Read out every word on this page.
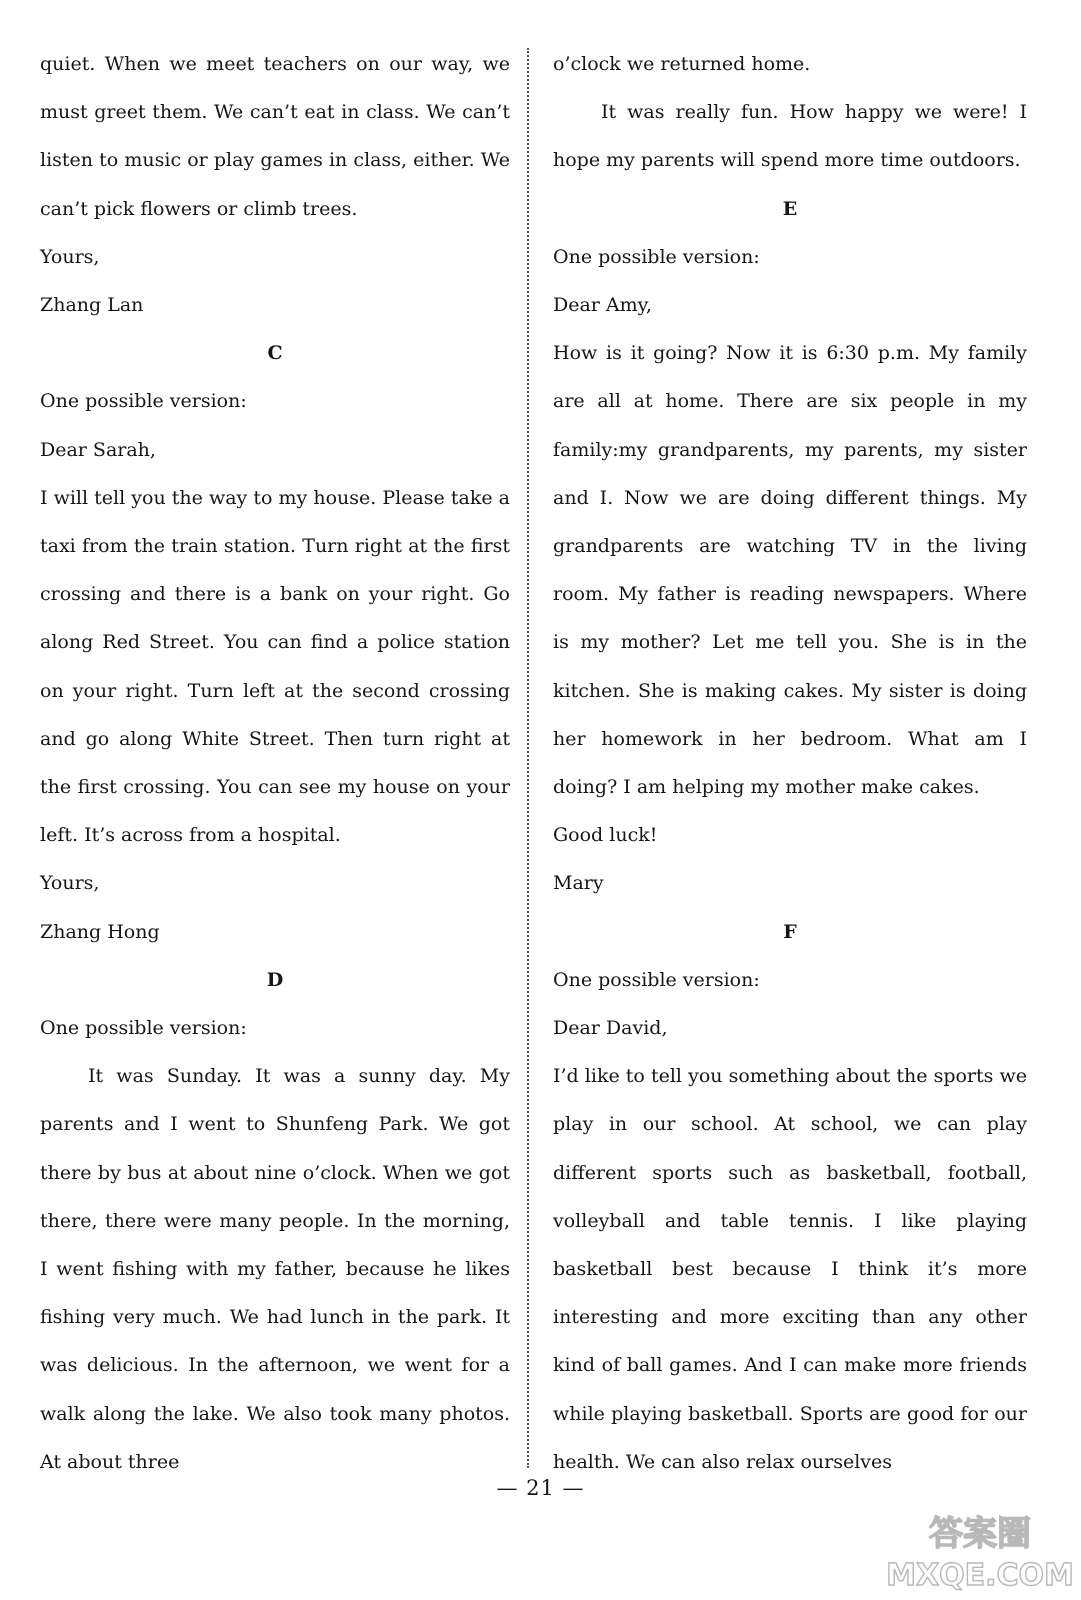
quiet. When we meet teachers on our way, we must greet them. We can’t eat in class. We can’t listen to music or play games in class, either. We can’t pick flowers or climb trees.

Yours,

Zhang Lan

C

One possible version:

Dear Sarah,

I will tell you the way to my house. Please take a taxi from the train station. Turn right at the first crossing and there is a bank on your right. Go along Red Street. You can find a police station on your right. Turn left at the second crossing and go along White Street. Then turn right at the first crossing. You can see my house on your left. It’s across from a hospital.

Yours,

Zhang Hong

D

One possible version:

It was Sunday. It was a sunny day. My parents and I went to Shunfeng Park. We got there by bus at about nine o’clock. When we got there, there were many people. In the morning, I went fishing with my father, because he likes fishing very much. We had lunch in the park. It was delicious. In the afternoon, we went for a walk along the lake. We also took many photos. At about three

o’clock we returned home.

It was really fun. How happy we were! I hope my parents will spend more time outdoors.

E

One possible version:

Dear Amy,

How is it going? Now it is 6:30 p.m. My family are all at home. There are six people in my family:my grandparents, my parents, my sister and I. Now we are doing different things. My grandparents are watching TV in the living room. My father is reading newspapers. Where is my mother? Let me tell you. She is in the kitchen. She is making cakes. My sister is doing her homework in her bedroom. What am I doing? I am helping my mother make cakes.

Good luck!

Mary

F

One possible version:

Dear David,

I’d like to tell you something about the sports we play in our school. At school, we can play different sports such as basketball, football, volleyball and table tennis. I like playing basketball best because I think it’s more interesting and more exciting than any other kind of ball games. And I can make more friends while playing basketball. Sports are good for our health. We can also relax ourselves

— 21 —
答案圈
MXQE.COM
